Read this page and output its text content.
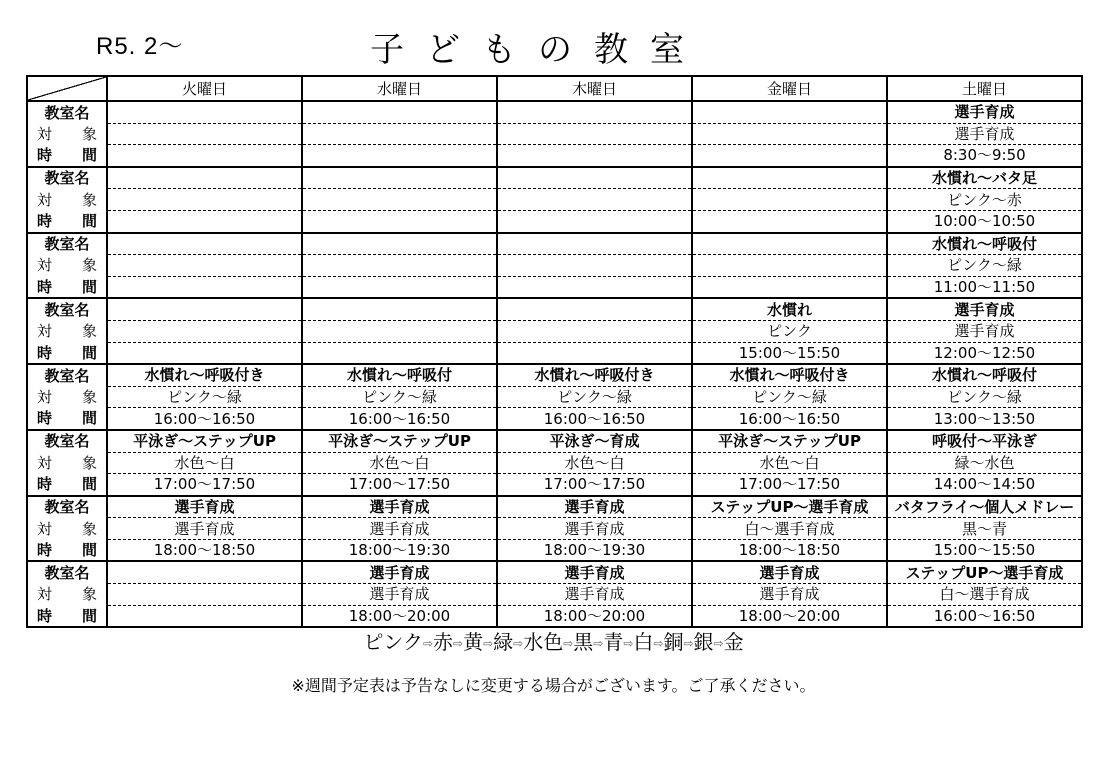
R5. 2～	子どもの教室
	火曜日	水曜日	木曜日	金曜日	土曜日
教室名					選手育成
対　　象					選手育成
時　　間					8:30～9:50
教室名					水慣れ～バタ足
対　　象					ピンク～赤
時　　間					10:00～10:50
教室名					水慣れ～呼吸付
対　　象					ピンク～緑
時　　間					11:00～11:50
教室名				水慣れ	選手育成
対　　象				ピンク	選手育成
時　　間				15:00～15:50	12:00～12:50
教室名	水慣れ～呼吸付き	水慣れ～呼吸付	水慣れ～呼吸付き	水慣れ～呼吸付き	水慣れ～呼吸付
対　　象	ピンク～緑	ピンク～緑	ピンク～緑	ピンク～緑	ピンク～緑
時　　間	16:00～16:50	16:00～16:50	16:00～16:50	16:00～16:50	13:00～13:50
教室名	平泳ぎ～ステップUP	平泳ぎ～ステップUP	平泳ぎ～育成	平泳ぎ～ステップUP	呼吸付～平泳ぎ
対　　象	水色～白	水色～白	水色～白	水色～白	緑～水色
時　　間	17:00～17:50	17:00～17:50	17:00～17:50	17:00～17:50	14:00～14:50
教室名	選手育成	選手育成	選手育成	ステップUP～選手育成	バタフライ～個人メドレー
対　　象	選手育成	選手育成	選手育成	白～選手育成	黒～青
時　　間	18:00～18:50	18:00～19:30	18:00～19:30	18:00～18:50	15:00～15:50
教室名		選手育成	選手育成	選手育成	ステップUP～選手育成
対　　象		選手育成	選手育成	選手育成	白～選手育成
時　　間		18:00～20:00	18:00～20:00	18:00～20:00	16:00～16:50
ピンク⇨赤⇨黄⇨緑⇨水色⇨黒⇨青⇨白⇨銅⇨銀⇨金
※週間予定表は予告なしに変更する場合がございます。ご了承ください。
